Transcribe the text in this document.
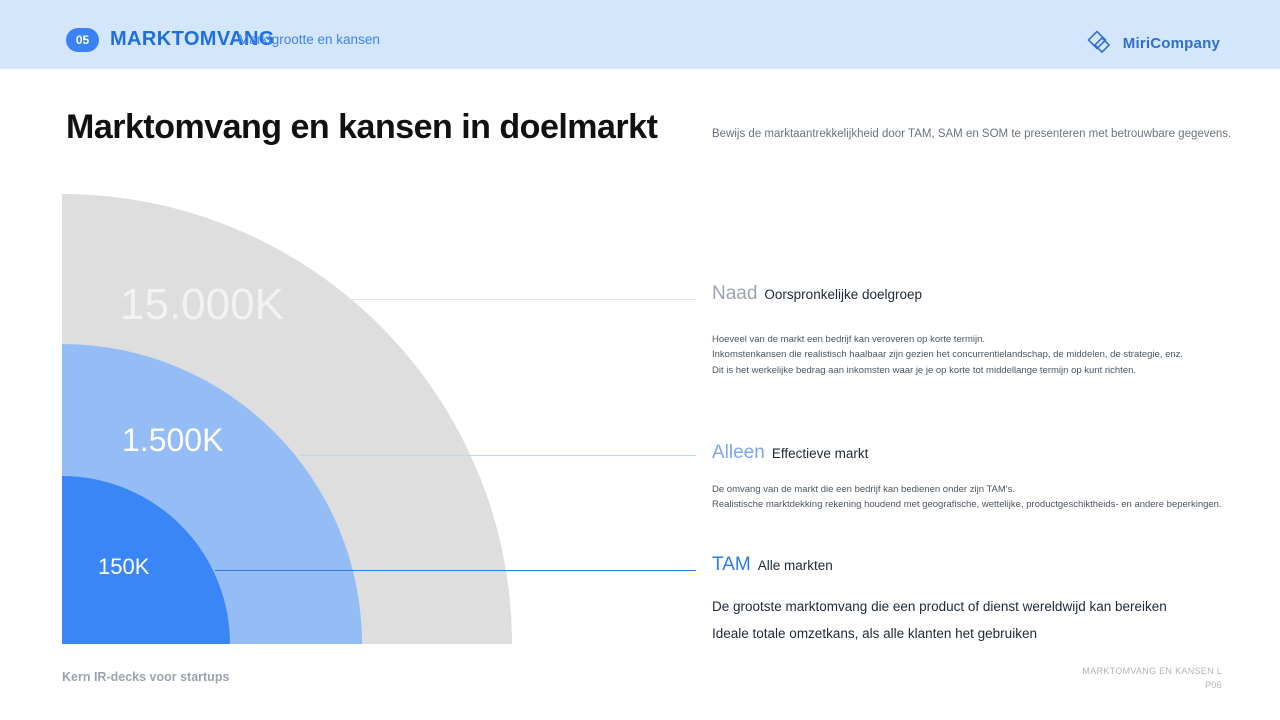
05	MARKTOMVANG
Marktgrootte en kansen	MiriCompany
Marktomvang en kansen in doelmarkt	Bewijs de marktaantrekkelijkheid door TAM, SAM en SOM te presenteren met betrouwbare gegevens.
15.000K
1.500K
150K
Naad Oorspronkelijke doelgroep

Hoeveel van de markt een bedrijf kan veroveren op korte termijn.

Inkomstenkansen die realistisch haalbaar zijn gezien het concurrentielandschap, de middelen, de strategie, enz.

Dit is het werkelijke bedrag aan inkomsten waar je je op korte tot middellange termijn op kunt richten.

Alleen Effectieve markt

De omvang van de markt die een bedrijf kan bedienen onder zijn TAM's.

Realistische marktdekking rekening houdend met geografische, wettelijke, productgeschiktheids- en andere beperkingen.

TAM Alle markten

De grootste marktomvang die een product of dienst wereldwijd kan bereiken

Ideale totale omzetkans, als alle klanten het gebruiken

Kern IR-decks voor startups	MARKTOMVANG EN KANSEN L
P06
